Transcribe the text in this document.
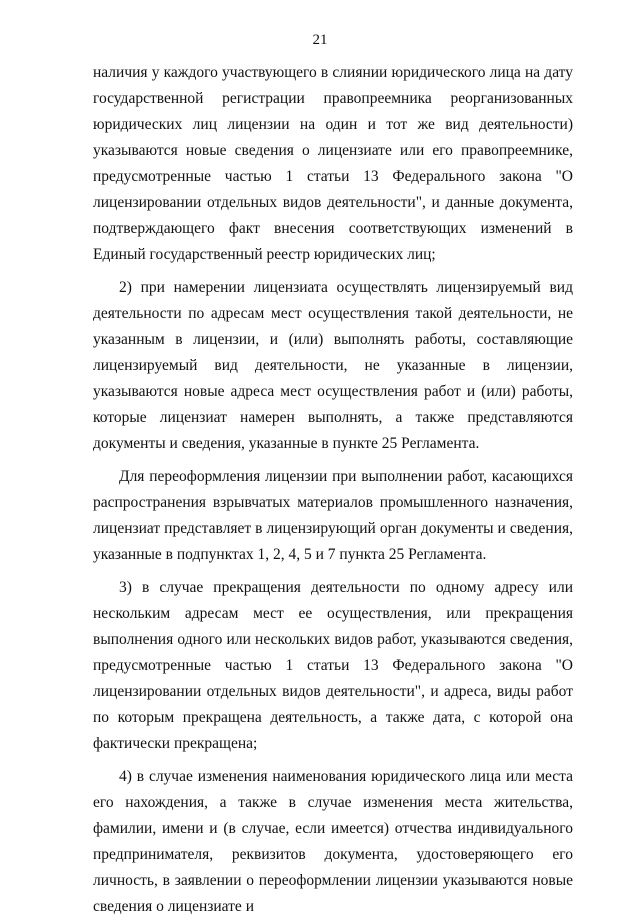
21

наличия у каждого участвующего в слиянии юридического лица на дату государственной регистрации правопреемника реорганизованных юридических лиц лицензии на один и тот же вид деятельности) указываются новые сведения о лицензиате или его правопреемнике, предусмотренные частью 1 статьи 13 Федерального закона "О лицензировании отдельных видов деятельности", и данные документа, подтверждающего факт внесения соответствующих изменений в Единый государственный реестр юридических лиц;

2) при намерении лицензиата осуществлять лицензируемый вид деятельности по адресам мест осуществления такой деятельности, не указанным в лицензии, и (или) выполнять работы, составляющие лицензируемый вид деятельности, не указанные в лицензии, указываются новые адреса мест осуществления работ и (или) работы, которые лицензиат намерен выполнять, а также представляются документы и сведения, указанные в пункте 25 Регламента.

Для переоформления лицензии при выполнении работ, касающихся распространения взрывчатых материалов промышленного назначения, лицензиат представляет в лицензирующий орган документы и сведения, указанные в подпунктах 1, 2, 4, 5 и 7 пункта 25 Регламента.

3) в случае прекращения деятельности по одному адресу или нескольким адресам мест ее осуществления, или прекращения выполнения одного или нескольких видов работ, указываются сведения, предусмотренные частью 1 статьи 13 Федерального закона "О лицензировании отдельных видов деятельности", и адреса, виды работ по которым прекращена деятельность, а также дата, с которой она фактически прекращена;

4) в случае изменения наименования юридического лица или места его нахождения, а также в случае изменения места жительства, фамилии, имени и (в случае, если имеется) отчества индивидуального предпринимателя, реквизитов документа, удостоверяющего его личность, в заявлении о переоформлении лицензии указываются новые сведения о лицензиате и
